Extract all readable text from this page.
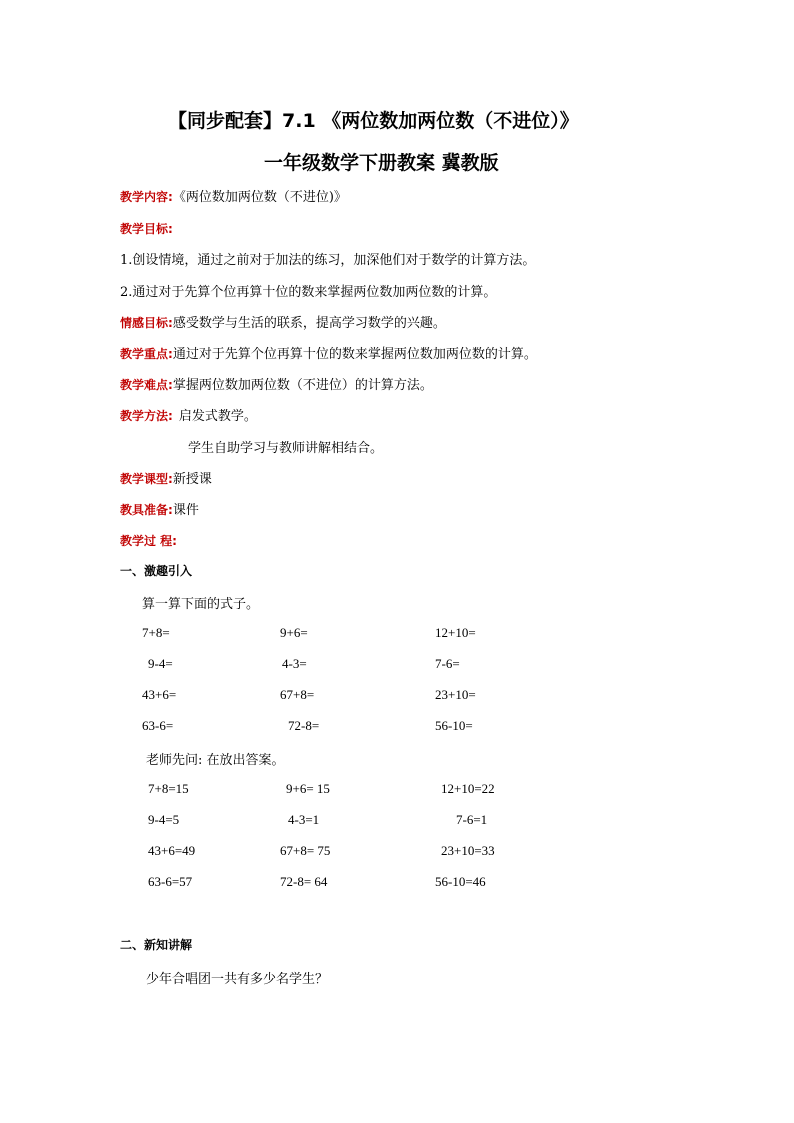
【同步配套】7.1 《两位数加两位数（不进位）》
一年级数学下册教案 冀教版
教学内容:《两位数加两位数（不进位)》
教学目标:
1.创设情境，通过之前对于加法的练习，加深他们对于数学的计算方法。
2.通过对于先算个位再算十位的数来掌握两位数加两位数的计算。
情感目标:感受数学与生活的联系，提高学习数学的兴趣。
教学重点:通过对于先算个位再算十位的数来掌握两位数加两位数的计算。
教学难点:掌握两位数加两位数（不进位）的计算方法。
教学方法: 启发式教学。
学生自助学习与教师讲解相结合。
教学课型:新授课
教具准备:课件
教学过 程:
一、激趣引入
算一算下面的式子。
7+8=	9+6=	12+10=
9-4=	4-3=	7-6=
43+6=	67+8=	23+10=
63-6=	72-8=	56-10=
老师先问: 在放出答案。
7+8=15	9+6= 15	12+10=22
9-4=5	4-3=1	7-6=1
43+6=49	67+8= 75	23+10=33
63-6=57	72-8= 64	56-10=46
二、新知讲解
少年合唱团一共有多少名学生？
